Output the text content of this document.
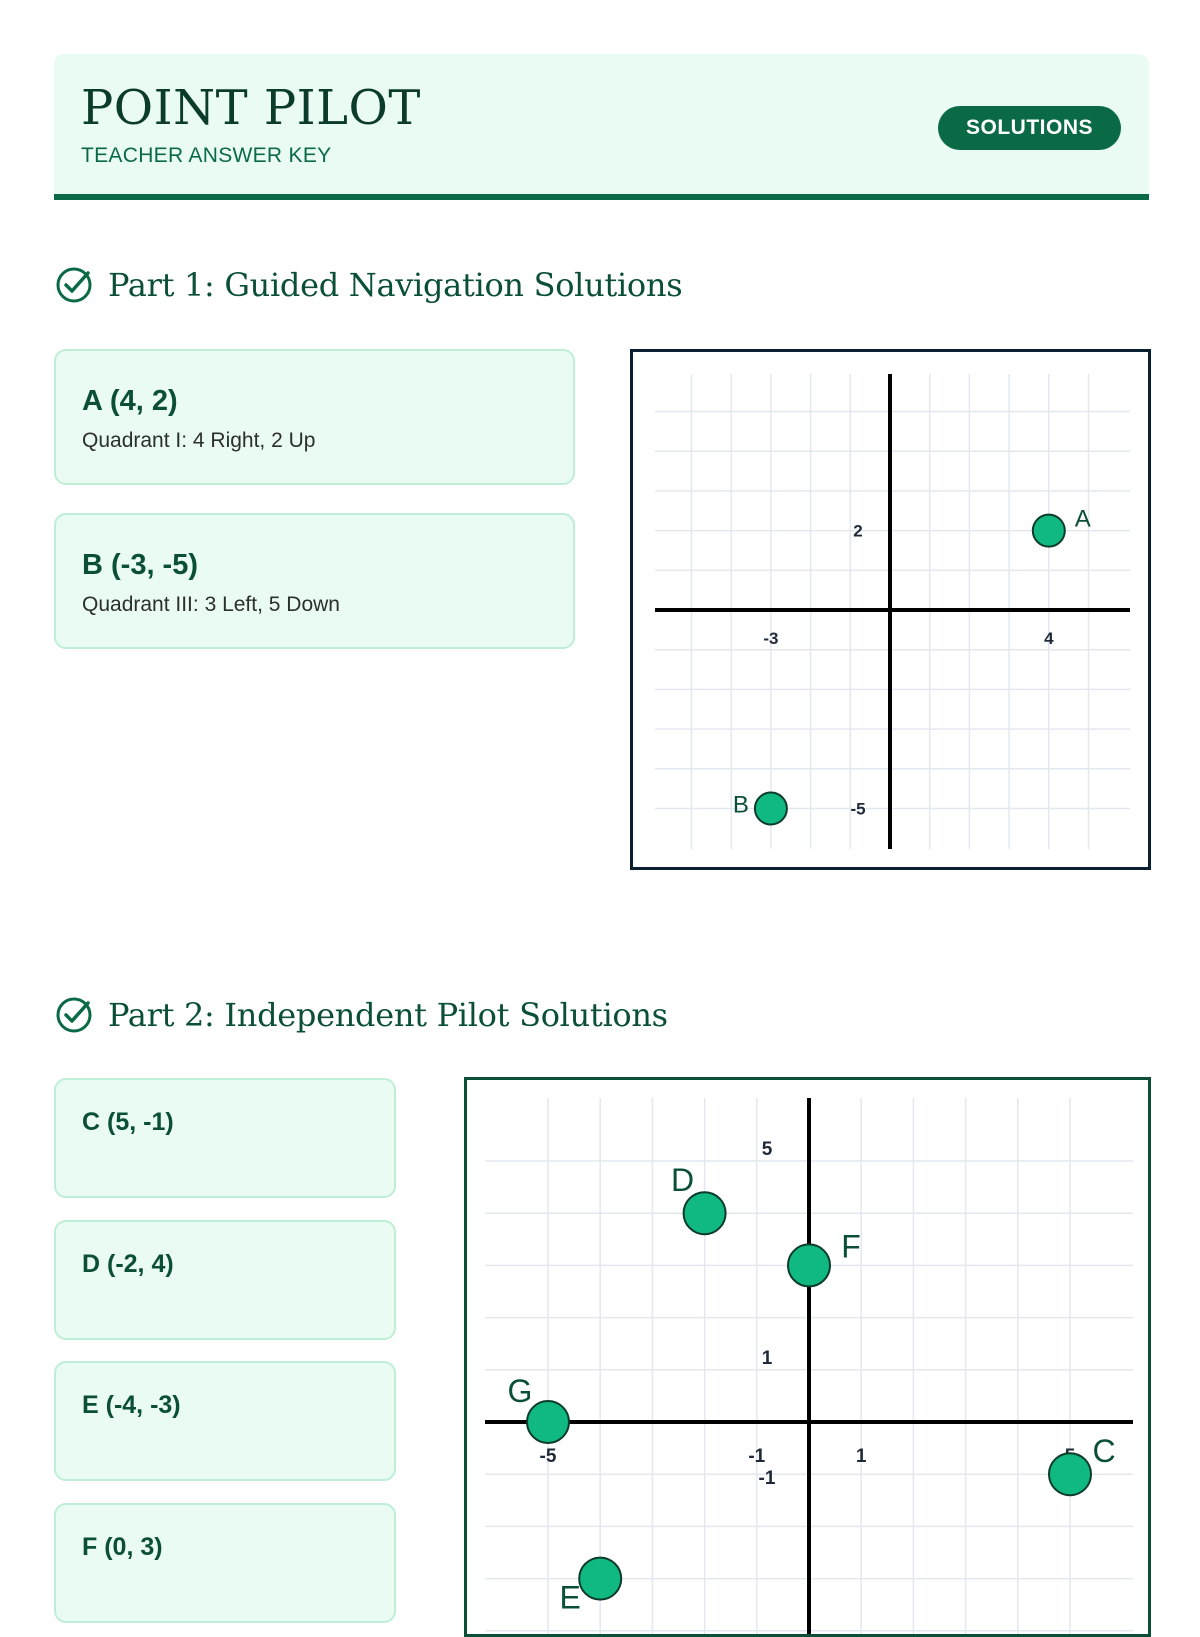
POINT PILOT
TEACHER ANSWER KEY
SOLUTIONS
Part 1: Guided Navigation Solutions
A (4, 2)
Quadrant I: 4 Right, 2 Up
B (-3, -5)
Quadrant III: 3 Left, 5 Down
-3	4
2
-5
A
B
Part 2: Independent Pilot Solutions
C (5, -1)
D (-2, 4)
E (-4, -3)
F (0, 3)
-5	-1	1
5
1
-1
C
D
E
F
G
